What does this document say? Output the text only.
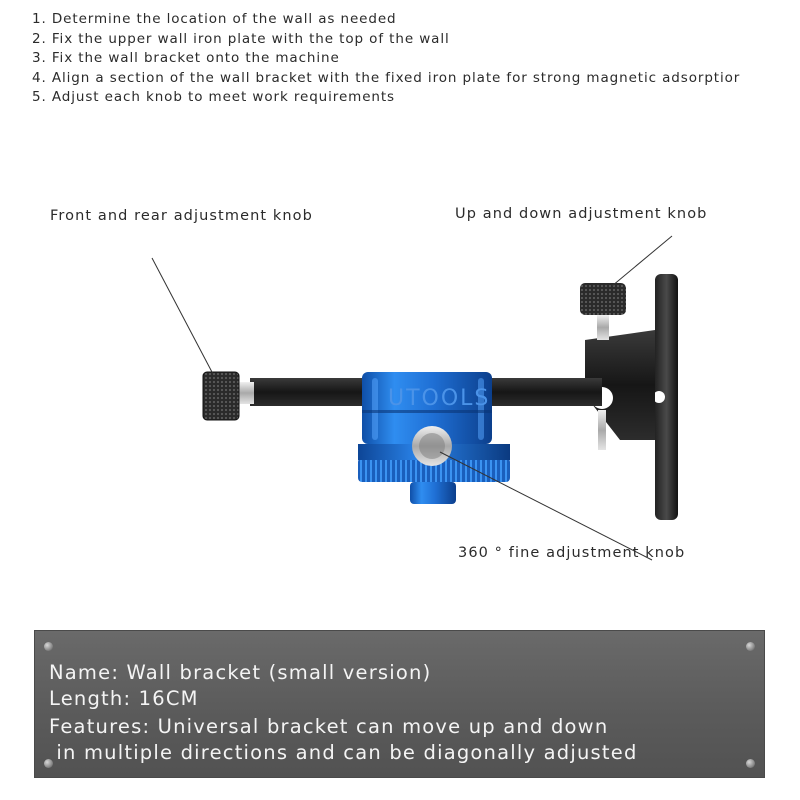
1. Determine the location of the wall as needed
2. Fix the upper wall iron plate with the top of the wall
3. Fix the wall bracket onto the machine
4. Align a section of the wall bracket with the fixed iron plate for strong magnetic adsorptior
5. Adjust each knob to meet work requirements
UTOOLS
Front and rear adjustment knob	Up and down adjustment knob
360 ° fine adjustment knob
Name: Wall bracket (small version)
Length: 16CM
Features: Universal bracket can move up and down
in multiple directions and can be diagonally adjusted
